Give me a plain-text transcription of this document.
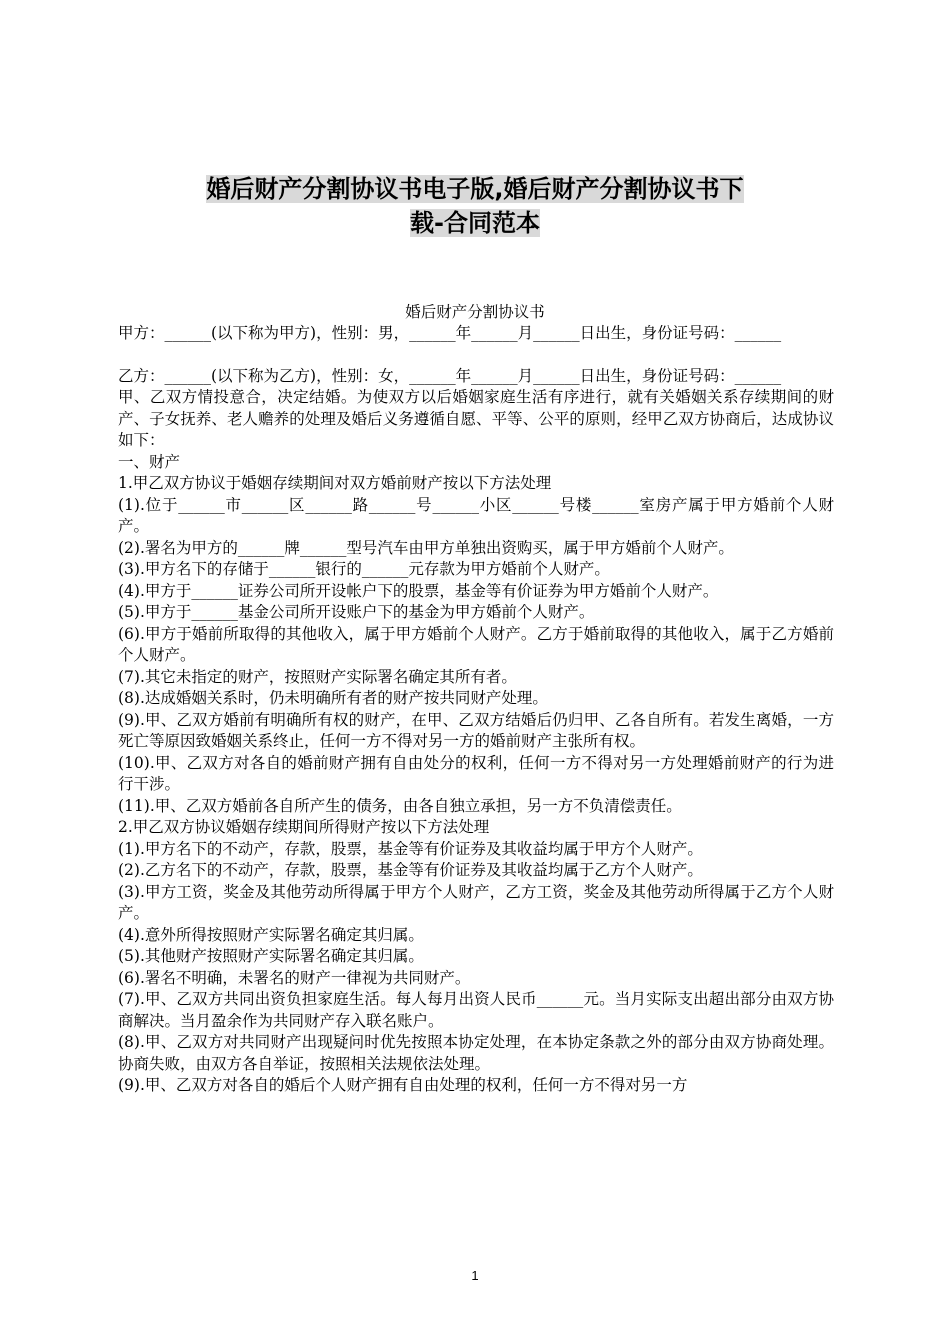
婚后财产分割协议书电子版,婚后财产分割协议书下
载-合同范本
婚后财产分割协议书

甲方：______(以下称为甲方)，性别：男，______年______月______日出生，身份证号码：______

乙方：______(以下称为乙方)，性别：女，______年______月______日出生，身份证号码：______

甲、乙双方情投意合，决定结婚。为使双方以后婚姻家庭生活有序进行，就有关婚姻关系存续期间的财产、子女抚养、老人赡养的处理及婚后义务遵循自愿、平等、公平的原则，经甲乙双方协商后，达成协议如下：

一、财产

1.甲乙双方协议于婚姻存续期间对双方婚前财产按以下方法处理

(1).位于______市______区______路______号______小区______号楼______室房产属于甲方婚前个人财产。

(2).署名为甲方的______牌______型号汽车由甲方单独出资购买，属于甲方婚前个人财产。

(3).甲方名下的存储于______银行的______元存款为甲方婚前个人财产。

(4).甲方于______证券公司所开设帐户下的股票，基金等有价证券为甲方婚前个人财产。

(5).甲方于______基金公司所开设账户下的基金为甲方婚前个人财产。

(6).甲方于婚前所取得的其他收入，属于甲方婚前个人财产。乙方于婚前取得的其他收入，属于乙方婚前个人财产。

(7).其它未指定的财产，按照财产实际署名确定其所有者。

(8).达成婚姻关系时，仍未明确所有者的财产按共同财产处理。

(9).甲、乙双方婚前有明确所有权的财产，在甲、乙双方结婚后仍归甲、乙各自所有。若发生离婚，一方死亡等原因致婚姻关系终止，任何一方不得对另一方的婚前财产主张所有权。

(10).甲、乙双方对各自的婚前财产拥有自由处分的权利，任何一方不得对另一方处理婚前财产的行为进行干涉。

(11).甲、乙双方婚前各自所产生的债务，由各自独立承担，另一方不负清偿责任。

2.甲乙双方协议婚姻存续期间所得财产按以下方法处理

(1).甲方名下的不动产，存款，股票，基金等有价证券及其收益均属于甲方个人财产。

(2).乙方名下的不动产，存款，股票，基金等有价证券及其收益均属于乙方个人财产。

(3).甲方工资，奖金及其他劳动所得属于甲方个人财产，乙方工资，奖金及其他劳动所得属于乙方个人财产。

(4).意外所得按照财产实际署名确定其归属。

(5).其他财产按照财产实际署名确定其归属。

(6).署名不明确，未署名的财产一律视为共同财产。

(7).甲、乙双方共同出资负担家庭生活。每人每月出资人民币______元。当月实际支出超出部分由双方协商解决。当月盈余作为共同财产存入联名账户。

(8).甲、乙双方对共同财产出现疑问时优先按照本协定处理，在本协定条款之外的部分由双方协商处理。协商失败，由双方各自举证，按照相关法规依法处理。

(9).甲、乙双方对各自的婚后个人财产拥有自由处理的权利，任何一方不得对另一方

1
